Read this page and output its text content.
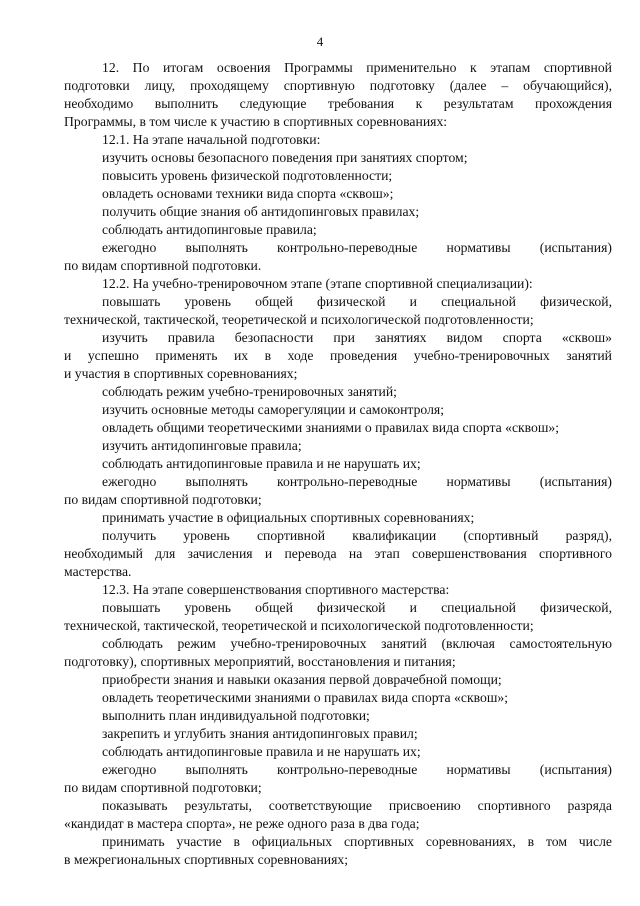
4
12. По итогам освоения Программы применительно к этапам спортивной
подготовки лицу, проходящему спортивную подготовку (далее – обучающийся),
необходимо выполнить следующие требования к результатам прохождения
Программы, в том числе к участию в спортивных соревнованиях:
12.1. На этапе начальной подготовки:
изучить основы безопасного поведения при занятиях спортом;
повысить уровень физической подготовленности;
овладеть основами техники вида спорта «сквош»;
получить общие знания об антидопинговых правилах;
соблюдать антидопинговые правила;
ежегодно выполнять контрольно-переводные нормативы (испытания)
по видам спортивной подготовки.
12.2. На учебно-тренировочном этапе (этапе спортивной специализации):
повышать уровень общей физической и специальной физической,
технической, тактической, теоретической и психологической подготовленности;
изучить правила безопасности при занятиях видом спорта «сквош»
и успешно применять их в ходе проведения учебно-тренировочных занятий
и участия в спортивных соревнованиях;
соблюдать режим учебно-тренировочных занятий;
изучить основные методы саморегуляции и самоконтроля;
овладеть общими теоретическими знаниями о правилах вида спорта «сквош»;
изучить антидопинговые правила;
соблюдать антидопинговые правила и не нарушать их;
ежегодно выполнять контрольно-переводные нормативы (испытания)
по видам спортивной подготовки;
принимать участие в официальных спортивных соревнованиях;
получить уровень спортивной квалификации (спортивный разряд),
необходимый для зачисления и перевода на этап совершенствования спортивного
мастерства.
12.3. На этапе совершенствования спортивного мастерства:
повышать уровень общей физической и специальной физической,
технической, тактической, теоретической и психологической подготовленности;
соблюдать режим учебно-тренировочных занятий (включая самостоятельную
подготовку), спортивных мероприятий, восстановления и питания;
приобрести знания и навыки оказания первой доврачебной помощи;
овладеть теоретическими знаниями о правилах вида спорта «сквош»;
выполнить план индивидуальной подготовки;
закрепить и углубить знания антидопинговых правил;
соблюдать антидопинговые правила и не нарушать их;
ежегодно выполнять контрольно-переводные нормативы (испытания)
по видам спортивной подготовки;
показывать результаты, соответствующие присвоению спортивного разряда
«кандидат в мастера спорта», не реже одного раза в два года;
принимать участие в официальных спортивных соревнованиях, в том числе
в межрегиональных спортивных соревнованиях;
